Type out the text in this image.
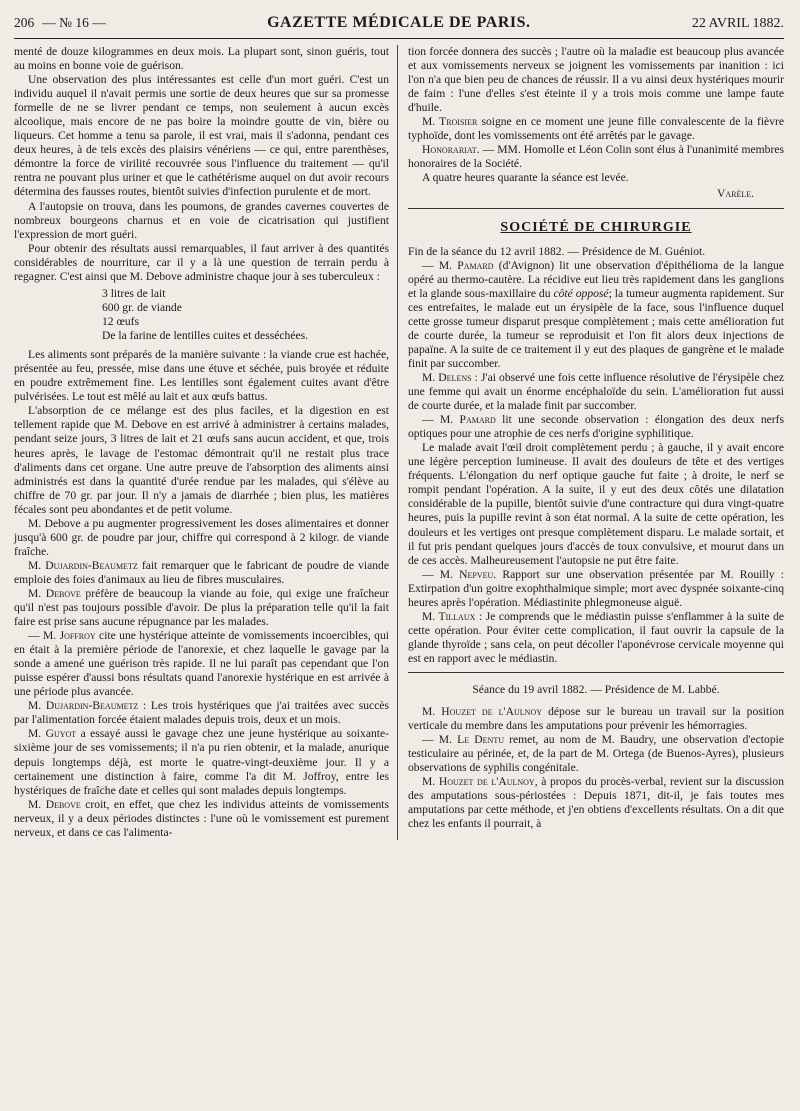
206 — № 16 —	GAZETTE MÉDICALE DE PARIS.	22 AVRIL 1882.

menté de douze kilogrammes en deux mois. La plupart sont, sinon guéris, tout au moins en bonne voie de guérison.

Une observation des plus intéressantes est celle d'un mort guéri. C'est un individu auquel il n'avait permis une sortie de deux heures que sur sa promesse formelle de ne se livrer pendant ce temps, non seulement à aucun excès alcoolique, mais encore de ne pas boire la moindre goutte de vin, bière ou liqueurs. Cet homme a tenu sa parole, il est vrai, mais il s'adonna, pendant ces deux heures, à de tels excès des plaisirs vénériens — ce qui, entre parenthèses, démontre la force de virilité recouvrée sous l'influence du traitement — qu'il rentra ne pouvant plus uriner et que le cathétérisme auquel on dut avoir recours détermina des fausses routes, bientôt suivies d'infection purulente et de mort.

A l'autopsie on trouva, dans les poumons, de grandes cavernes couvertes de nombreux bourgeons charnus et en voie de cicatrisation qui justifient l'expression de mort guéri.

Pour obtenir des résultats aussi remarquables, il faut arriver à des quantités considérables de nourriture, car il y a là une question de terrain perdu à regagner. C'est ainsi que M. Debove administre chaque jour à ses tuberculeux :

3 litres de lait
600 gr. de viande
12 œufs
De la farine de lentilles cuites et desséchées.

Les aliments sont préparés de la manière suivante : la viande crue est hachée, présentée au feu, pressée, mise dans une étuve et séchée, puis broyée et réduite en poudre extrêmement fine. Les lentilles sont également cuites avant d'être pulvérisées. Le tout est mêlé au lait et aux œufs battus.

L'absorption de ce mélange est des plus faciles, et la digestion en est tellement rapide que M. Debove en est arrivé à administrer à certains malades, pendant seize jours, 3 litres de lait et 21 œufs sans aucun accident, et que, trois heures après, le lavage de l'estomac démontrait qu'il ne restait plus trace d'aliments dans cet organe. Une autre preuve de l'absorption des aliments ainsi administrés est dans la quantité d'urée rendue par les malades, qui s'élève au chiffre de 70 gr. par jour. Il n'y a jamais de diarrhée ; bien plus, les matières fécales sont peu abondantes et de petit volume.

M. Debove a pu augmenter progressivement les doses alimentaires et donner jusqu'à 600 gr. de poudre par jour, chiffre qui correspond à 2 kilogr. de viande fraîche.

M. Dujardin-Beaumetz fait remarquer que le fabricant de poudre de viande emploie des foies d'animaux au lieu de fibres musculaires.

M. Debove préfère de beaucoup la viande au foie, qui exige une fraîcheur qu'il n'est pas toujours possible d'avoir. De plus la préparation telle qu'il la fait faire est prise sans aucune répugnance par les malades.

— M. Joffroy cite une hystérique atteinte de vomissements incoercibles, qui en était à la première période de l'anorexie, et chez laquelle le gavage par la sonde a amené une guérison très rapide. Il ne lui paraît pas cependant que l'on puisse espérer d'aussi bons résultats quand l'anorexie hystérique en est arrivée à une période plus avancée.

M. Dujardin-Beaumetz : Les trois hystériques que j'ai traitées avec succès par l'alimentation forcée étaient malades depuis trois, deux et un mois.

M. Guyot a essayé aussi le gavage chez une jeune hystérique au soixante-sixième jour de ses vomissements; il n'a pu rien obtenir, et la malade, anurique depuis longtemps déjà, est morte le quatre-vingt-deuxième jour. Il y a certainement une distinction à faire, comme l'a dit M. Joffroy, entre les hystériques de fraîche date et celles qui sont malades depuis longtemps.

M. Debove croit, en effet, que chez les individus atteints de vomissements nerveux, il y a deux périodes distinctes : l'une où le vomissement est purement nerveux, et dans ce cas l'alimenta-

tion forcée donnera des succès ; l'autre où la maladie est beaucoup plus avancée et aux vomissements nerveux se joignent les vomissements par inanition : ici l'on n'a que bien peu de chances de réussir. Il a vu ainsi deux hystériques mourir de faim : l'une d'elles s'est éteinte il y a trois mois comme une lampe faute d'huile.

M. Troisier soigne en ce moment une jeune fille convalescente de la fièvre typhoïde, dont les vomissements ont été arrêtés par le gavage.

Honorariat. — MM. Homolle et Léon Colin sont élus à l'unanimité membres honoraires de la Société.

A quatre heures quarante la séance est levée.

Varèle.
SOCIÉTÉ DE CHIRURGIE

Fin de la séance du 12 avril 1882. — Présidence de M. Guéniot.

— M. Pamard (d'Avignon) lit une observation d'épithélioma de la langue opéré au thermo-cautère. La récidive eut lieu très rapidement dans les ganglions et la glande sous-maxillaire du côté opposé; la tumeur augmenta rapidement. Sur ces entrefaites, le malade eut un érysipèle de la face, sous l'influence duquel cette grosse tumeur disparut presque complètement ; mais cette amélioration fut de courte durée, la tumeur se reproduisit et l'on fit alors deux injections de papaïne. A la suite de ce traitement il y eut des plaques de gangrène et le malade finit par succomber.

M. Delens : J'ai observé une fois cette influence résolutive de l'érysipèle chez une femme qui avait un énorme encéphaloïde du sein. L'amélioration fut aussi de courte durée, et la malade finit par succomber.

— M. Pamard lit une seconde observation : élongation des deux nerfs optiques pour une atrophie de ces nerfs d'origine syphilitique.

Le malade avait l'œil droit complètement perdu ; à gauche, il y avait encore une légère perception lumineuse. Il avait des douleurs de tête et des vertiges fréquents. L'élongation du nerf optique gauche fut faite ; à droite, le nerf se rompit pendant l'opération. A la suite, il y eut des deux côtés une dilatation considérable de la pupille, bientôt suivie d'une contracture qui dura vingt-quatre heures, puis la pupille revint à son état normal. A la suite de cette opération, les douleurs et les vertiges ont presque complètement disparu. Le malade sortait, et il fut pris pendant quelques jours d'accès de toux convulsive, et mourut dans un de ces accès. Malheureusement l'autopsie ne put être faite.

— M. Nepveu. Rapport sur une observation présentée par M. Rouilly : Extirpation d'un goitre exophthalmique simple; mort avec dyspnée soixante-cinq heures après l'opération. Médiastinite phlegmoneuse aiguë.

M. Tillaux : Je comprends que le médiastin puisse s'enflammer à la suite de cette opération. Pour éviter cette complication, il faut ouvrir la capsule de la glande thyroïde ; sans cela, on peut décoller l'aponévrose cervicale moyenne qui est en rapport avec le médiastin.

Séance du 19 avril 1882. — Présidence de M. Labbé.

M. Houzet de l'Aulnoy dépose sur le bureau un travail sur la position verticale du membre dans les amputations pour prévenir les hémorragies.

— M. Le Dentu remet, au nom de M. Baudry, une observation d'ectopie testiculaire au périnée, et, de la part de M. Ortega (de Buenos-Ayres), plusieurs observations de syphilis congénitale.

M. Houzet de l'Aulnoy, à propos du procès-verbal, revient sur la discussion des amputations sous-périostées : Depuis 1871, dit-il, je fais toutes mes amputations par cette méthode, et j'en obtiens d'excellents résultats. On a dit que chez les enfants il pourrait, à
